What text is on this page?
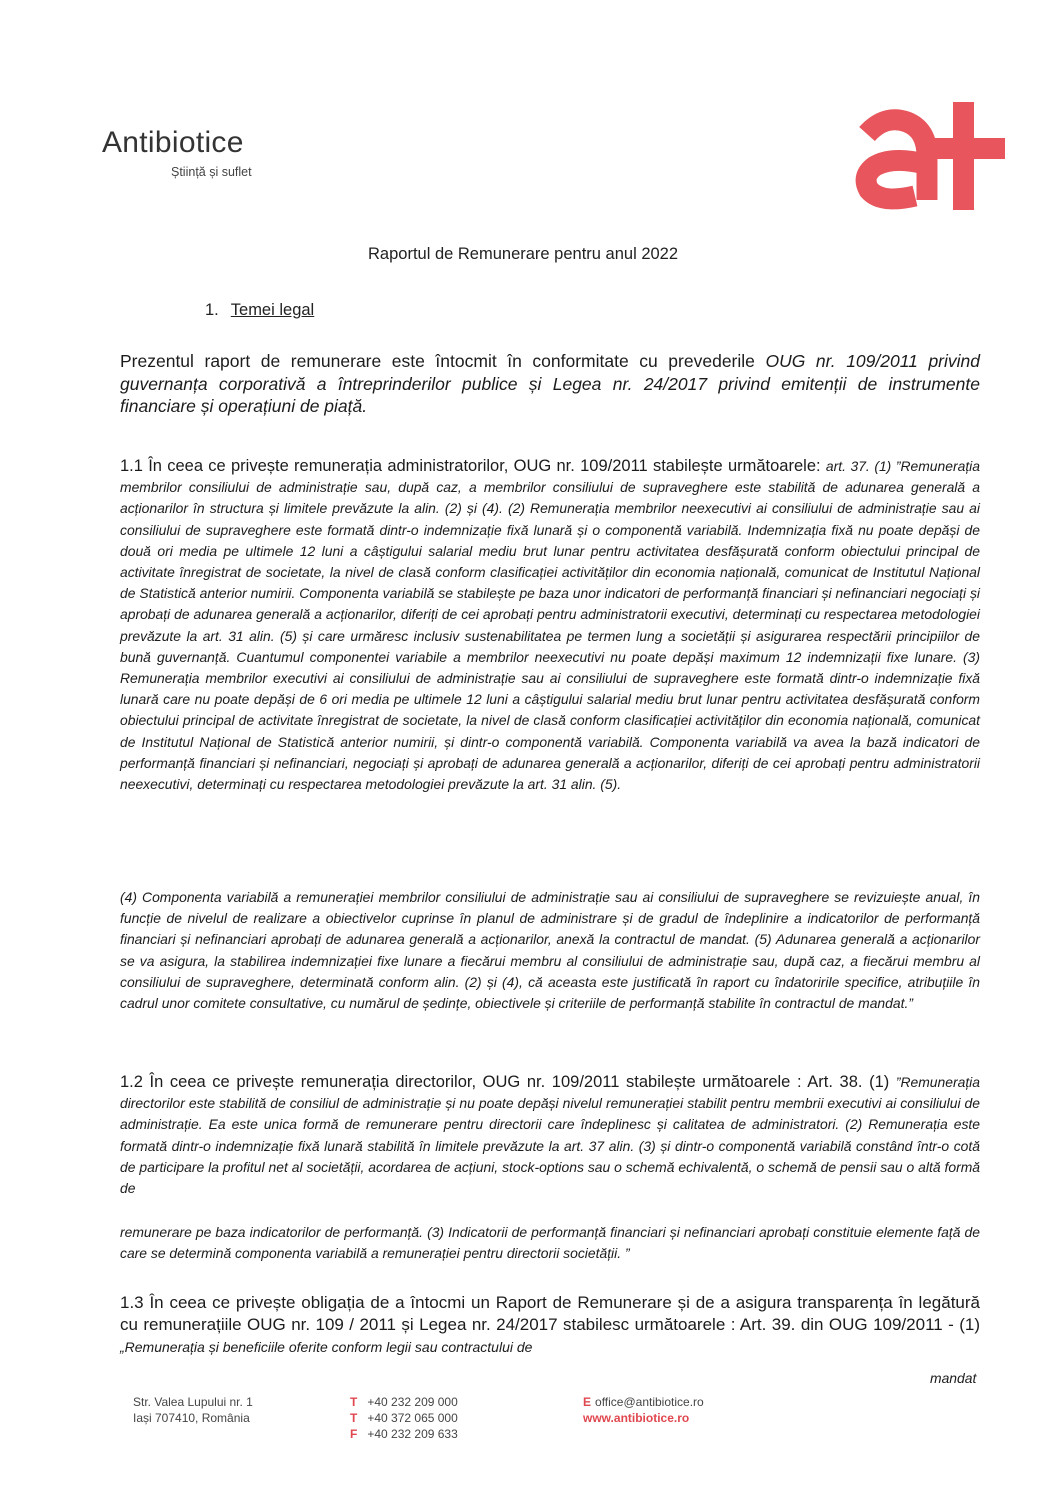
Antibiotice
Știință și suflet
Raportul de Remunerare pentru anul 2022
1. Temei legal
Prezentul raport de remunerare este întocmit în conformitate cu prevederile OUG nr. 109/2011 privind guvernanța corporativă a întreprinderilor publice și Legea nr. 24/2017 privind emitenții de instrumente financiare și operațiuni de piață.
1.1 În ceea ce privește remunerația administratorilor, OUG nr. 109/2011 stabilește următoarele: art. 37. (1) ”Remunerația membrilor consiliului de administrație sau, după caz, a membrilor consiliului de supraveghere este stabilită de adunarea generală a acționarilor în structura și limitele prevăzute la alin. (2) și (4). (2) Remunerația membrilor neexecutivi ai consiliului de administrație sau ai consiliului de supraveghere este formată dintr-o indemnizație fixă lunară și o componentă variabilă. Indemnizația fixă nu poate depăși de două ori media pe ultimele 12 luni a câștigului salarial mediu brut lunar pentru activitatea desfășurată conform obiectului principal de activitate înregistrat de societate, la nivel de clasă conform clasificației activităților din economia națională, comunicat de Institutul Național de Statistică anterior numirii. Componenta variabilă se stabilește pe baza unor indicatori de performanță financiari și nefinanciari negociați și aprobați de adunarea generală a acționarilor, diferiți de cei aprobați pentru administratorii executivi, determinați cu respectarea metodologiei prevăzute la art. 31 alin. (5) și care urmăresc inclusiv sustenabilitatea pe termen lung a societății și asigurarea respectării principiilor de bună guvernanță. Cuantumul componentei variabile a membrilor neexecutivi nu poate depăși maximum 12 indemnizații fixe lunare. (3) Remunerația membrilor executivi ai consiliului de administrație sau ai consiliului de supraveghere este formată dintr-o indemnizație fixă lunară care nu poate depăși de 6 ori media pe ultimele 12 luni a câștigului salarial mediu brut lunar pentru activitatea desfășurată conform obiectului principal de activitate înregistrat de societate, la nivel de clasă conform clasificației activităților din economia națională, comunicat de Institutul Național de Statistică anterior numirii, și dintr-o componentă variabilă. Componenta variabilă va avea la bază indicatori de performanță financiari și nefinanciari, negociați și aprobați de adunarea generală a acționarilor, diferiți de cei aprobați pentru administratorii neexecutivi, determinați cu respectarea metodologiei prevăzute la art. 31 alin. (5).
(4) Componenta variabilă a remunerației membrilor consiliului de administrație sau ai consiliului de supraveghere se revizuiește anual, în funcție de nivelul de realizare a obiectivelor cuprinse în planul de administrare și de gradul de îndeplinire a indicatorilor de performanță financiari și nefinanciari aprobați de adunarea generală a acționarilor, anexă la contractul de mandat. (5) Adunarea generală a acționarilor se va asigura, la stabilirea indemnizației fixe lunare a fiecărui membru al consiliului de administrație sau, după caz, a fiecărui membru al consiliului de supraveghere, determinată conform alin. (2) și (4), că aceasta este justificată în raport cu îndatoririle specifice, atribuțiile în cadrul unor comitete consultative, cu numărul de ședințe, obiectivele și criteriile de performanță stabilite în contractul de mandat.”
1.2 În ceea ce privește remunerația directorilor, OUG nr. 109/2011 stabilește următoarele : Art. 38. (1) ”Remunerația directorilor este stabilită de consiliul de administrație și nu poate depăși nivelul remunerației stabilit pentru membrii executivi ai consiliului de administrație. Ea este unica formă de remunerare pentru directorii care îndeplinesc și calitatea de administratori. (2) Remunerația este formată dintr-o indemnizație fixă lunară stabilită în limitele prevăzute la art. 37 alin. (3) și dintr-o componentă variabilă constând într-o cotă de participare la profitul net al societății, acordarea de acțiuni, stock-options sau o schemă echivalentă, o schemă de pensii sau o altă formă de
remunerare pe baza indicatorilor de performanță. (3) Indicatorii de performanță financiari și nefinanciari aprobați constituie elemente față de care se determină componenta variabilă a remunerației pentru directorii societății. ”
1.3 În ceea ce privește obligația de a întocmi un Raport de Remunerare și de a asigura transparența în legătură cu remunerațiile OUG nr. 109 / 2011 și Legea nr. 24/2017 stabilesc următoarele : Art. 39. din OUG 109/2011 - (1) „Remunerația și beneficiile oferite conform legii sau contractului de
mandat
Str. Valea Lupului nr. 1
Iași 707410, România
T +40 232 209 000
T +40 372 065 000
F +40 232 209 633
E office@antibiotice.ro
www.antibiotice.ro
